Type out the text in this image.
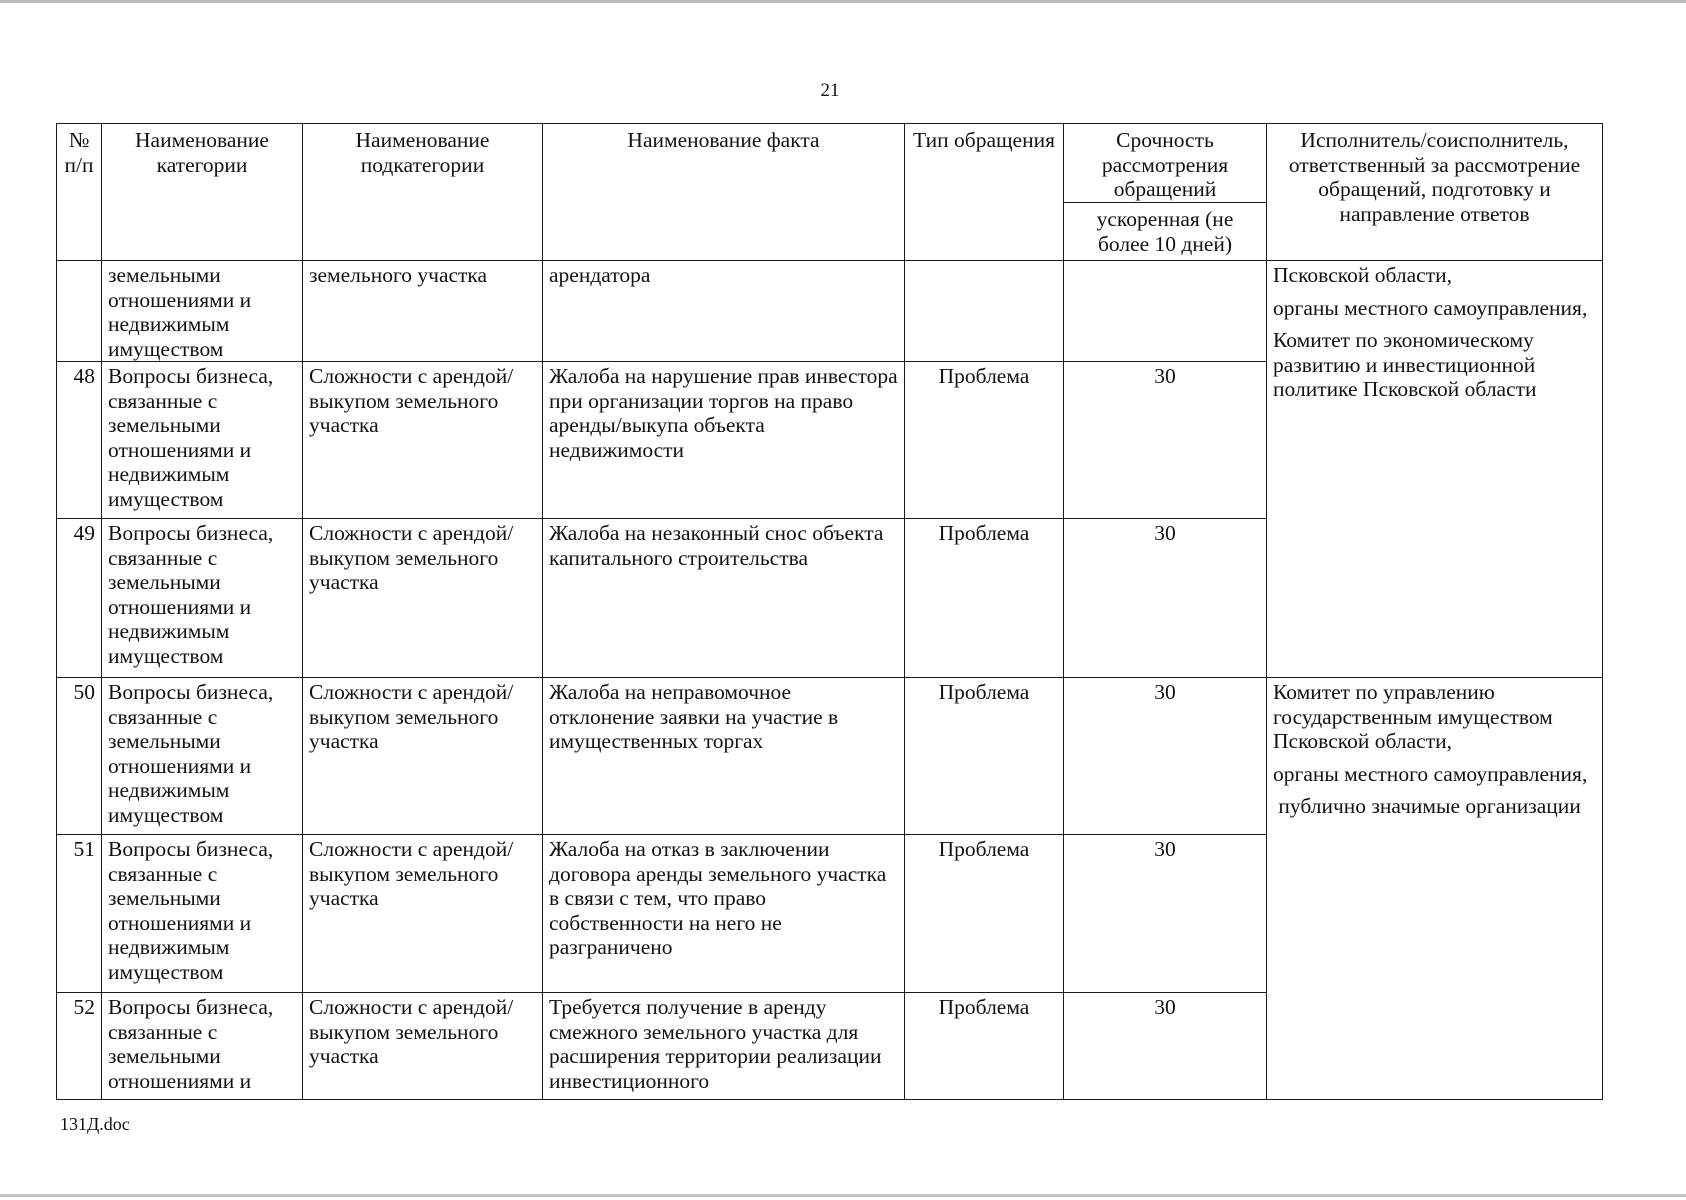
21
№ п/п	Наименование категории	Наименование подкатегории	Наименование факта	Тип обращения	Срочность рассмотрения обращений	Исполнитель/соисполнитель, ответственный за рассмотрение обращений, подготовку и направление ответов
					ускоренная (не более 10 дней)	
	земельными отношениями и недвижимым имуществом	земельного участка	арендатора			Псковской области,

органы местного самоуправления,

Комитет по экономическому развитию и инвестиционной политике Псковской области

48	Вопросы бизнеса, связанные с земельными отношениями и недвижимым имуществом	Сложности с арендой/выкупом земельного участка	Жалоба на нарушение прав инвестора при организации торгов на право аренды/выкупа объекта недвижимости	Проблема	30	
49	Вопросы бизнеса, связанные с земельными отношениями и недвижимым имуществом	Сложности с арендой/выкупом земельного участка	Жалоба на незаконный снос объекта капитального строительства	Проблема	30	
50	Вопросы бизнеса, связанные с земельными отношениями и недвижимым имуществом	Сложности с арендой/выкупом земельного участка	Жалоба на неправомочное отклонение заявки на участие в имущественных торгах	Проблема	30	Комитет по управлению государственным имуществом Псковской области,

органы местного самоуправления,

публично значимые организации

51	Вопросы бизнеса, связанные с земельными отношениями и недвижимым имуществом	Сложности с арендой/выкупом земельного участка	Жалоба на отказ в заключении договора аренды земельного участка в связи с тем, что право собственности на него не разграничено	Проблема	30	
52	Вопросы бизнеса, связанные с земельными отношениями и	Сложности с арендой/выкупом земельного участка	Требуется получение в аренду смежного земельного участка для расширения территории реализации инвестиционного	Проблема	30	
131Д.doc
